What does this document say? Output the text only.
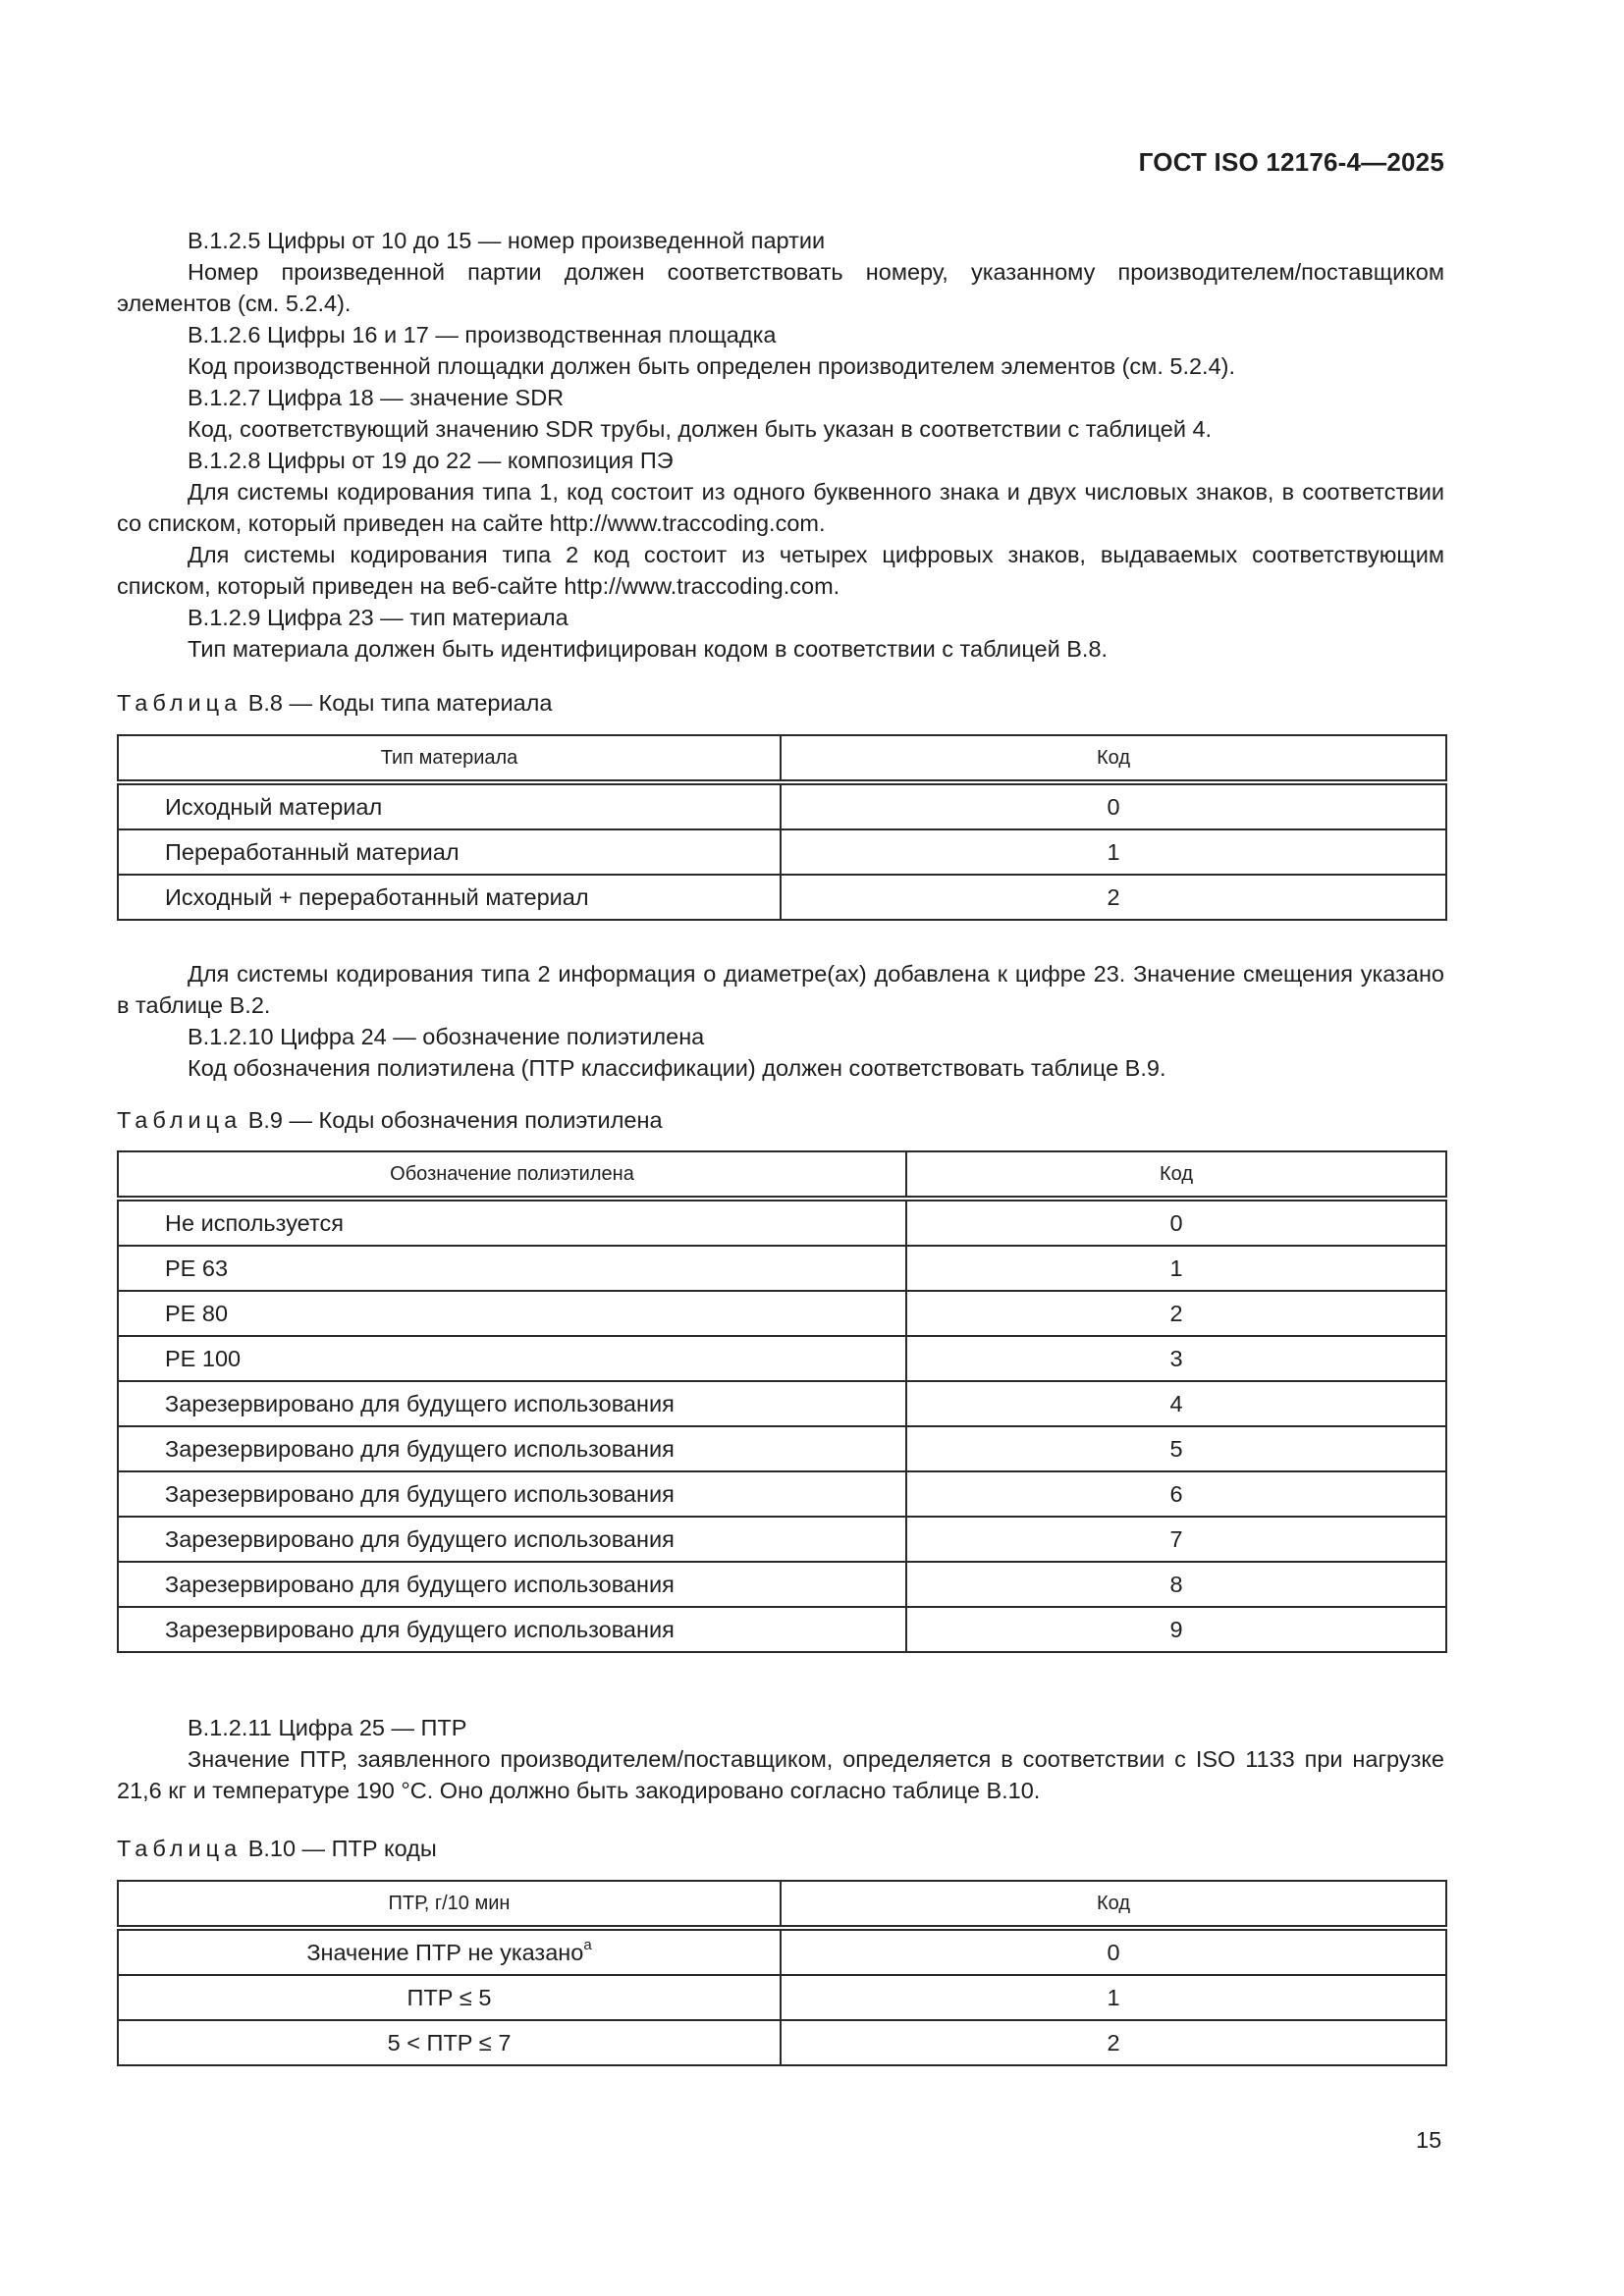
ГОСТ ISO 12176-4—2025
В.1.2.5 Цифры от 10 до 15 — номер произведенной партии
Номер произведенной партии должен соответствовать номеру, указанному производителем/поставщиком элементов (см. 5.2.4).
В.1.2.6 Цифры 16 и 17 — производственная площадка
Код производственной площадки должен быть определен производителем элементов (см. 5.2.4).
В.1.2.7 Цифра 18 — значение SDR
Код, соответствующий значению SDR трубы, должен быть указан в соответствии с таблицей 4.
В.1.2.8 Цифры от 19 до 22 — композиция ПЭ
Для системы кодирования типа 1, код состоит из одного буквенного знака и двух числовых знаков, в соответствии со списком, который приведен на сайте http://www.traccoding.com.
Для системы кодирования типа 2 код состоит из четырех цифровых знаков, выдаваемых соответствующим списком, который приведен на веб-сайте http://www.traccoding.com.
В.1.2.9 Цифра 23 — тип материала
Тип материала должен быть идентифицирован кодом в соответствии с таблицей В.8.
Таблица В.8 — Коды типа материала
Тип материала	Код
Исходный материал	0
Переработанный материал	1
Исходный + переработанный материал	2
Для системы кодирования типа 2 информация о диаметре(ах) добавлена к цифре 23. Значение смещения указано в таблице В.2.
В.1.2.10 Цифра 24 — обозначение полиэтилена
Код обозначения полиэтилена (ПТР классификации) должен соответствовать таблице В.9.
Таблица В.9 — Коды обозначения полиэтилена
Обозначение полиэтилена	Код
Не используется	0
PE 63	1
PE 80	2
PE 100	3
Зарезервировано для будущего использования	4
Зарезервировано для будущего использования	5
Зарезервировано для будущего использования	6
Зарезервировано для будущего использования	7
Зарезервировано для будущего использования	8
Зарезервировано для будущего использования	9
В.1.2.11 Цифра 25 — ПТР
Значение ПТР, заявленного производителем/поставщиком, определяется в соответствии с ISO 1133 при нагрузке 21,6 кг и температуре 190 °C. Оно должно быть закодировано согласно таблице В.10.
Таблица В.10 — ПТР коды
ПТР, г/10 мин	Код
Значение ПТР не указано$^a$	0
ПТР ≤ 5	1
5 < ПТР ≤ 7	2
15
